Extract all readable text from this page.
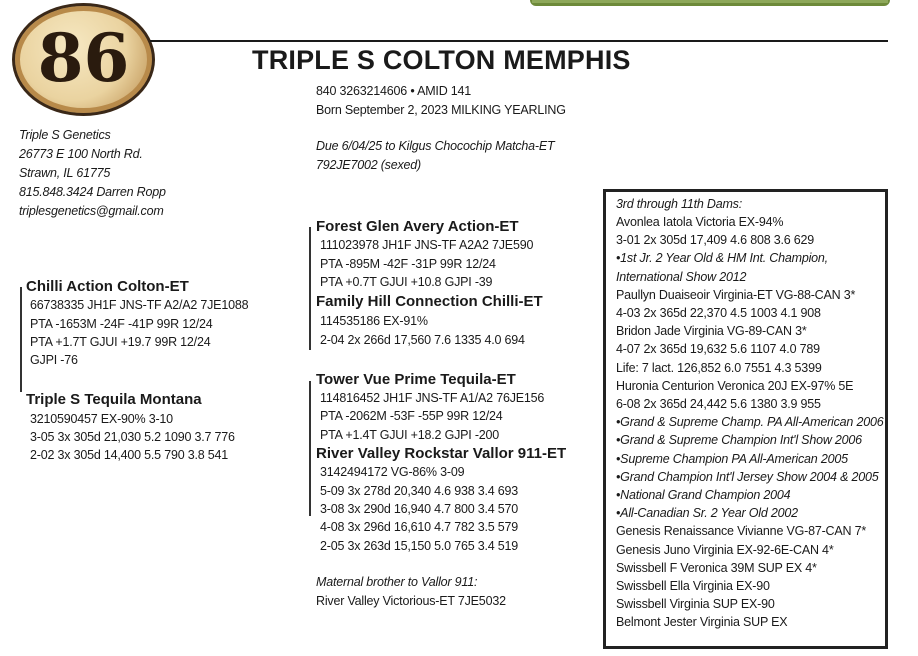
86	TRIPLE S COLTON MEMPHIS
840 3263214606 • AMID 141
Born September 2, 2023 MILKING YEARLING
Due 6/04/25 to Kilgus Chocochip Matcha-ET
792JE7002 (sexed)
Triple S Genetics
26773 E 100 North Rd.
Strawn, IL 61775
815.848.3424 Darren Ropp
triplesgenetics@gmail.com
Chilli Action Colton-ET
66738335 JH1F JNS-TF A2/A2 7JE1088
PTA -1653M -24F -41P 99R 12/24
PTA +1.7T GJUI +19.7 99R 12/24
GJPI -76
Triple S Tequila Montana
3210590457 EX-90% 3-10
3-05 3x 305d 21,030 5.2 1090 3.7 776
2-02 3x 305d 14,400 5.5 790 3.8 541
Forest Glen Avery Action-ET
111023978 JH1F JNS-TF A2A2 7JE590
PTA -895M -42F -31P 99R 12/24
PTA +0.7T GJUI +10.8 GJPI -39
Family Hill Connection Chilli-ET
114535186 EX-91%
2-04 2x 266d 17,560 7.6 1335 4.0 694
Tower Vue Prime Tequila-ET
114816452 JH1F JNS-TF A1/A2 76JE156
PTA -2062M -53F -55P 99R 12/24
PTA +1.4T GJUI +18.2 GJPI -200
River Valley Rockstar Vallor 911-ET
3142494172 VG-86% 3-09
5-09 3x 278d 20,340 4.6 938 3.4 693
3-08 3x 290d 16,940 4.7 800 3.4 570
4-08 3x 296d 16,610 4.7 782 3.5 579
2-05 3x 263d 15,150 5.0 765 3.4 519
Maternal brother to Vallor 911:
River Valley Victorious-ET 7JE5032
3rd through 11th Dams:
Avonlea Iatola Victoria EX-94%
3-01 2x 305d 17,409 4.6 808 3.6 629
•1st Jr. 2 Year Old & HM Int. Champion,
International Show 2012
Paullyn Duaiseoir Virginia-ET VG-88-CAN 3*
4-03 2x 365d 22,370 4.5 1003 4.1 908
Bridon Jade Virginia VG-89-CAN 3*
4-07 2x 365d 19,632 5.6 1107 4.0 789
Life: 7 lact. 126,852 6.0 7551 4.3 5399
Huronia Centurion Veronica 20J EX-97% 5E
6-08 2x 365d 24,442 5.6 1380 3.9 955
•Grand & Supreme Champ. PA All-American 2006
•Grand & Supreme Champion Int'l Show 2006
•Supreme Champion PA All-American 2005
•Grand Champion Int'l Jersey Show 2004 & 2005
•National Grand Champion 2004
•All-Canadian Sr. 2 Year Old 2002
Genesis Renaissance Vivianne VG-87-CAN 7*
Genesis Juno Virginia EX-92-6E-CAN 4*
Swissbell F Veronica 39M SUP EX 4*
Swissbell Ella Virginia EX-90
Swissbell Virginia SUP EX-90
Belmont Jester Virginia SUP EX
